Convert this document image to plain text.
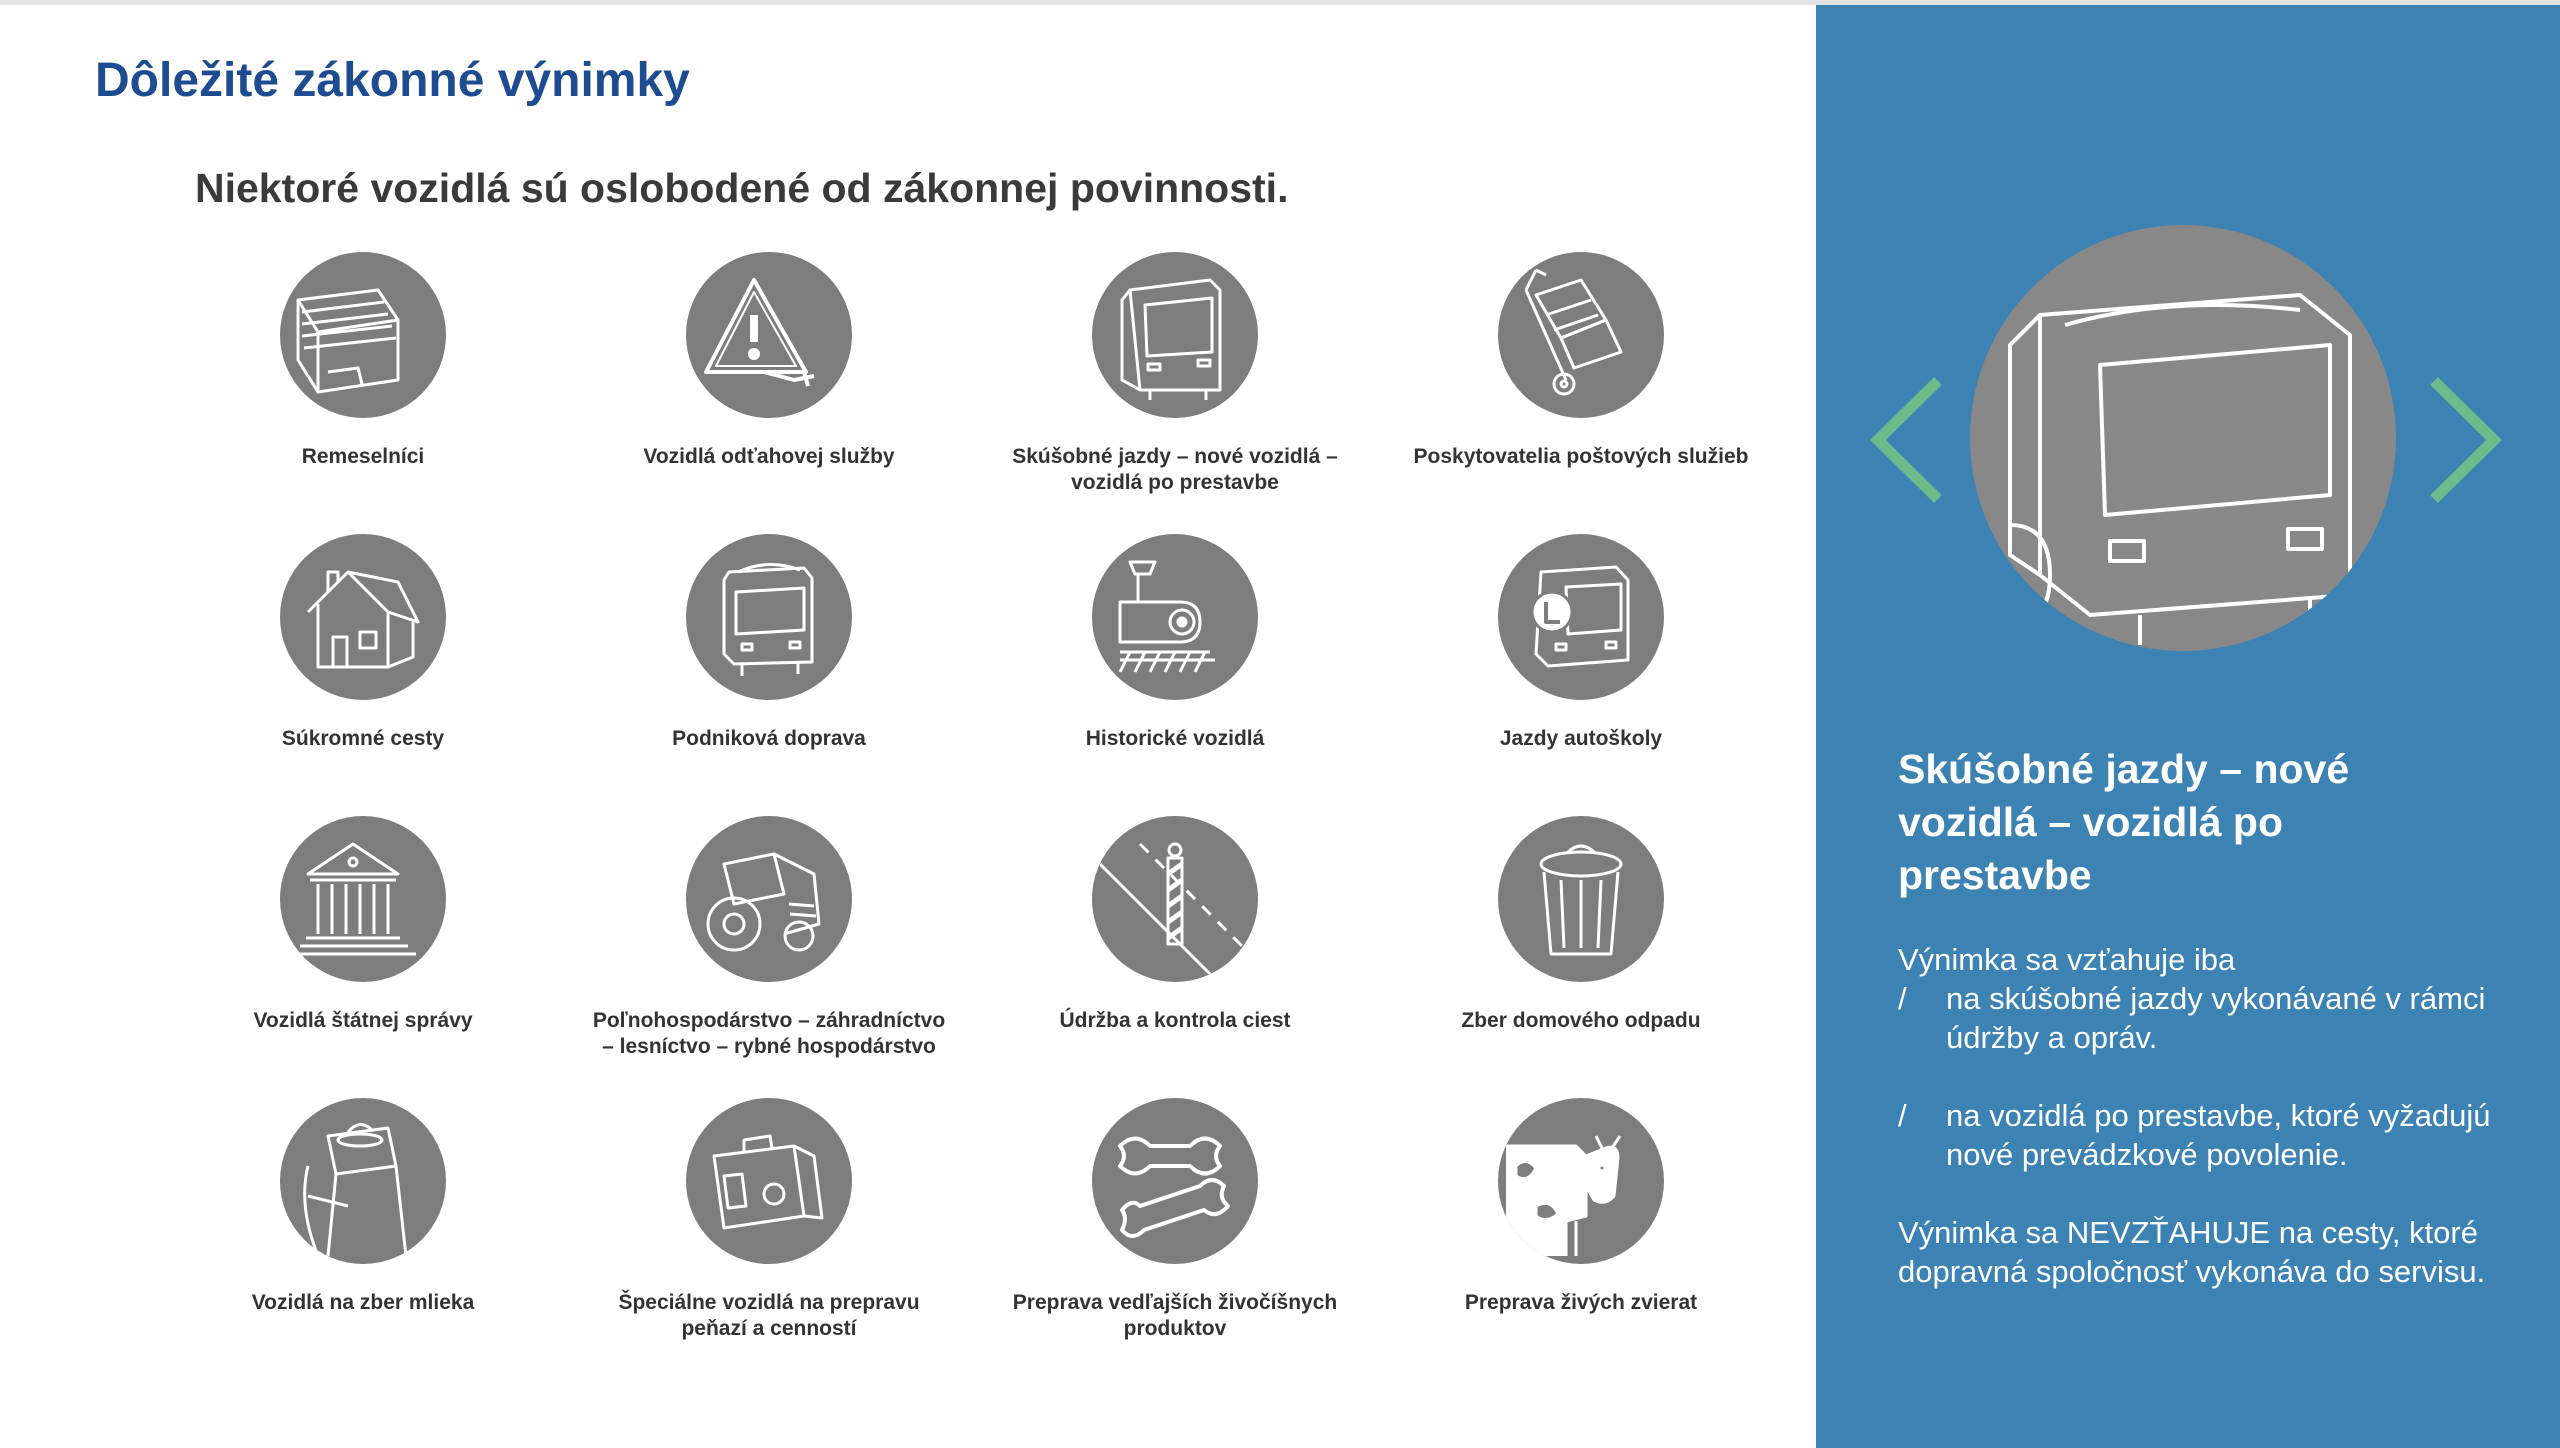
Dôležité zákonné výnimky
Niektoré vozidlá sú oslobodené od zákonnej povinnosti.
Remeselníci	Vozidlá odťahovej služby	Skúšobné jazdy – nové vozidlá – vozidlá po prestavbe
Poskytovatelia poštových služieb
Súkromné cesty	Podniková doprava	Historické vozidlá	Jazdy autoškoly
Vozidlá štátnej správy	Poľnohospodárstvo – záhradníctvo – lesníctvo – rybné hospodárstvo
Údržba a kontrola ciest	Zber domového odpadu
Vozidlá na zber mlieka	Špeciálne vozidlá na prepravu peňazí a cenností
Preprava vedľajších živočíšnych produktov
Preprava živých zvierat
Skúšobné jazdy – nové vozidlá – vozidlá po prestavbe

Výnimka sa vzťahuje iba

/	na skúšobné jazdy vykonávané v rámci údržby a opráv.
/	na vozidlá po prestavbe, ktoré vyžadujú nové prevádzkové povolenie.

Výnimka sa NEVZŤAHUJE na cesty, ktoré dopravná spoločnosť vykonáva do servisu.
